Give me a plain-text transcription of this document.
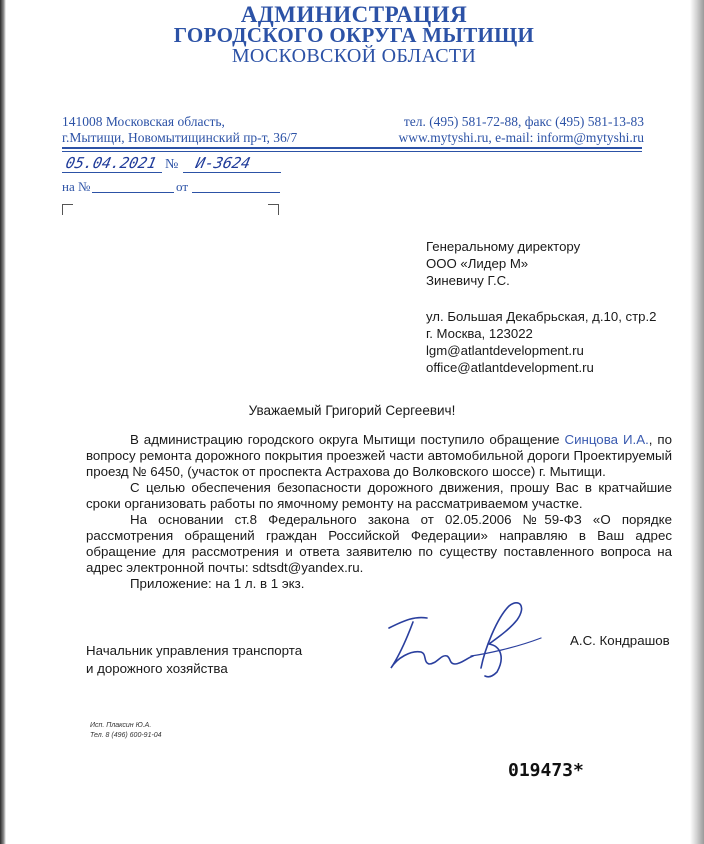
АДМИНИСТРАЦИЯ
ГОРОДСКОГО ОКРУГА МЫТИЩИ
МОСКОВСКОЙ ОБЛАСТИ
141008 Московская область,
г.Мытищи, Новомытищинский пр-т, 36/7
тел. (495) 581-72-88, факс (495) 581-13-83
www.mytyshi.ru, e-mail: inform@mytyshi.ru
05.04.2021 № И-3624
на №	от
Генеральному директору
ООО «Лидер М»
Зиневичу Г.С.
ул. Большая Декабрьская, д.10, стр.2
г. Москва, 123022
lgm@atlantdevelopment.ru
office@atlantdevelopment.ru
Уважаемый Григорий Сергеевич!
В администрацию городского округа Мытищи поступило обращение Синцова И.А., по вопросу ремонта дорожного покрытия проезжей части автомобильной дороги Проектируемый проезд № 6450, (участок от проспекта Астрахова до Волковского шоссе) г. Мытищи.
С целью обеспечения безопасности дорожного движения, прошу Вас в кратчайшие сроки организовать работы по ямочному ремонту на рассматриваемом участке.
На основании ст.8 Федерального закона от 02.05.2006 №59-ФЗ «О порядке рассмотрения обращений граждан Российской Федерации» направляю в Ваш адрес обращение для рассмотрения и ответа заявителю по существу поставленного вопроса на адрес электронной почты: sdtsdt@yandex.ru.
Приложение: на 1 л. в 1 экз.
Начальник управления транспорта
и дорожного хозяйства
А.С. Кондрашов
Исп. Плаксин Ю.А.
Тел. 8 (496) 600-91-04
019473*
